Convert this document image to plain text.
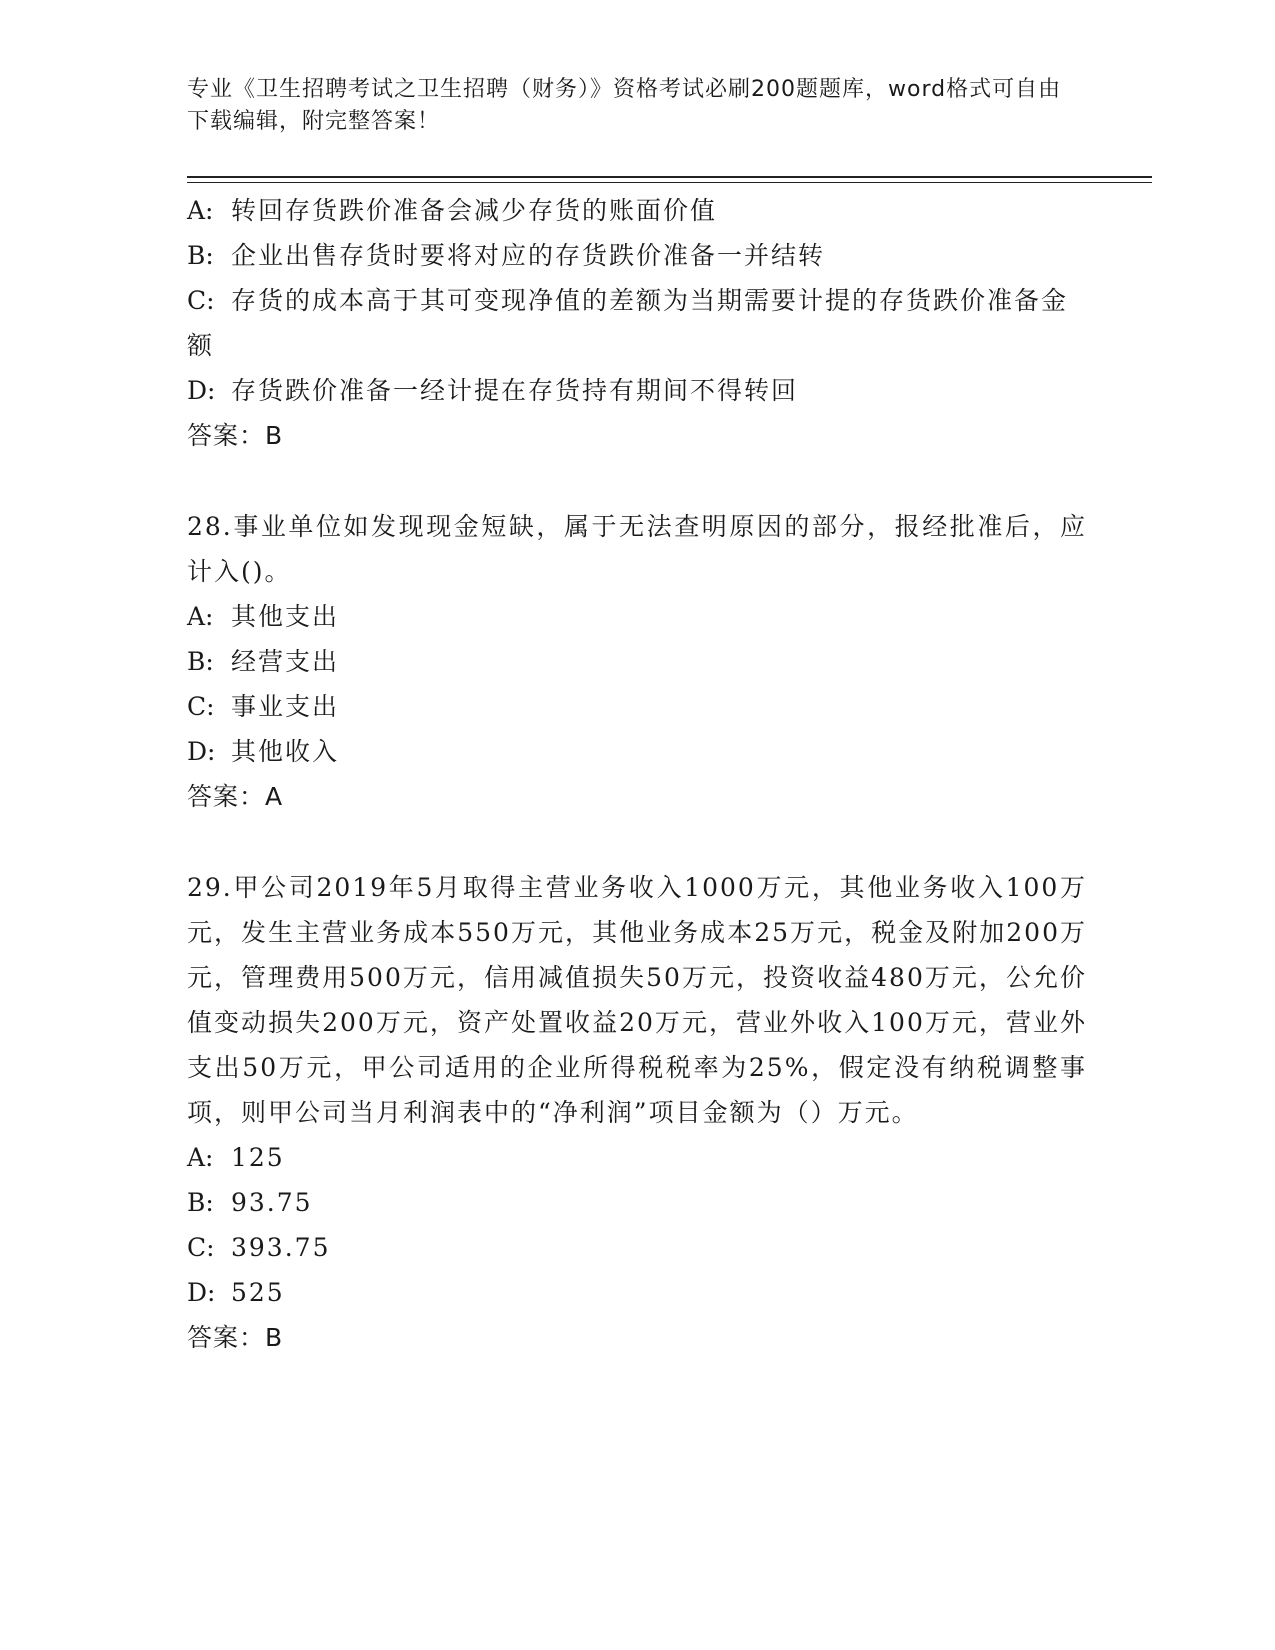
专业《卫生招聘考试之卫生招聘（财务）》资格考试必刷200题题库，word格式可自由下载编辑，附完整答案！
A: 转回存货跌价准备会减少存货的账面价值
B: 企业出售存货时要将对应的存货跌价准备一并结转
C: 存货的成本高于其可变现净值的差额为当期需要计提的存货跌价准备金额
D: 存货跌价准备一经计提在存货持有期间不得转回
答案：B
28.事业单位如发现现金短缺，属于无法查明原因的部分，报经批准后，应计入()。
A: 其他支出
B: 经营支出
C: 事业支出
D: 其他收入
答案：A
29.甲公司2019年5月取得主营业务收入1000万元，其他业务收入100万元，发生主营业务成本550万元，其他业务成本25万元，税金及附加200万元，管理费用500万元，信用减值损失50万元，投资收益480万元，公允价值变动损失200万元，资产处置收益20万元，营业外收入100万元，营业外支出50万元，甲公司适用的企业所得税税率为25%，假定没有纳税调整事项，则甲公司当月利润表中的“净利润”项目金额为（）万元。
A: 125
B: 93.75
C: 393.75
D: 525
答案：B
